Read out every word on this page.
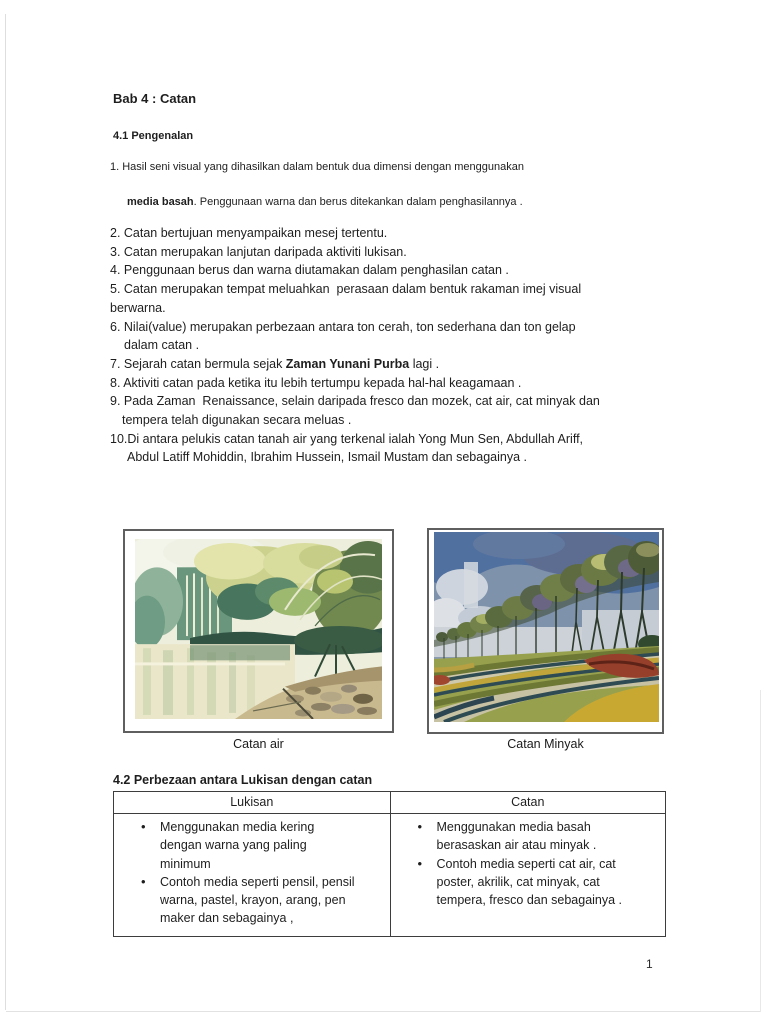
Bab 4 : Catan
4.1 Pengenalan
1. Hasil seni visual yang dihasilkan dalam bentuk dua dimensi dengan menggunakan
media basah. Penggunaan warna dan berus ditekankan dalam penghasilannya .
2. Catan bertujuan menyampaikan mesej tertentu.
3. Catan merupakan lanjutan daripada aktiviti lukisan.
4. Penggunaan berus dan warna diutamakan dalam penghasilan catan .
5. Catan merupakan tempat meluahkan  perasaan dalam bentuk rakaman imej visual
berwarna.
6. Nilai(value) merupakan perbezaan antara ton cerah, ton sederhana dan ton gelap
dalam catan .
7. Sejarah catan bermula sejak Zaman Yunani Purba lagi .
8. Aktiviti catan pada ketika itu lebih tertumpu kepada hal-hal keagamaan .
9. Pada Zaman  Renaissance, selain daripada fresco dan mozek, cat air, cat minyak dan
tempera telah digunakan secara meluas .
10.Di antara pelukis catan tanah air yang terkenal ialah Yong Mun Sen, Abdullah Ariff,
Abdul Latiff Mohiddin, Ibrahim Hussein, Ismail Mustam dan sebagainya .
Catan air	Catan Minyak
4.2 Perbezaan antara Lukisan dengan catan
Lukisan	Catan
•
Menggunakan media kering
dengan warna yang paling
minimum
•
Contoh media seperti pensil, pensil
warna, pastel, krayon, arang, pen
maker dan sebagainya ,
•
Menggunakan media basah
berasaskan air atau minyak .
•
Contoh media seperti cat air, cat
poster, akrilik, cat minyak, cat
tempera, fresco dan sebagainya .
1
